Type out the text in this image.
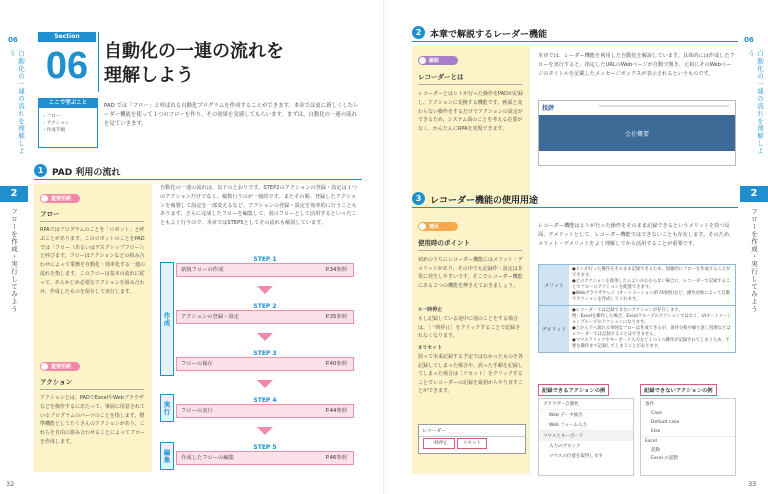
06
自動化の一連の流れを理解しよう
2
フローを作成・実行してみよう
Section
06 自動化の一連の流れを
理解しよう
ここで学ぶこと
・フロー
・アクション
・作成手順
PAD では「フロー」と呼ばれる自動化プログラムを作成することができます。本章では更に新しくしたレーダー機能を使って１つのフローを作り、その効果を実感してもらいます。まずは、自動化の一連の流れを見ていきます。
1 PAD 利用の流れ
重要用語
フロー
RPAではプログラムのことを「ロボット」と呼ぶことがあります。このロボットのことをPADでは「フロー（あるいはデスクトップフロー）」と呼びます。フローはアクションなどの組み合わせによって業務を自動化・効率化する一連の流れを指します。このフローは基本の流れに従って、あらかじめ必要なアクションを組み合わせ、作成したものを保存して実行します。
重要用語
アクション
アクションとは、PADでExcelやWebブラウザなどを操作するにあたって、事前に用意されているプログラムのパーツのことを指します。標準機能としてたくさんのアクションがあり、これらを自由に組み合わせることによってフローを作成します。
自動化の一連の流れは、以下のとおりです。STEP2のアクションの登録・設定は１つのアクションだけでなく、複数行うのが一般的です。またその間、登録したアクションを複製して設定を一部変えるなど、アクションの登録・設定を効率的に行うこともあります。さらに完成したフローを編集して、別のフローとして活用するといったこともよく行うので、本章ではSTEP5としてその流れも解説しています。
作成
実行
編集
STEP 1
新規フローの作成	P.34参照
STEP 2
アクションの登録・設定	P.35参照
STEP 3
フローの保存	P.40参照
STEP 4
フローの実行	P.44参照
STEP 5
作成したフローの編集	P.46参照
32
06
自動化の一連の流れを理解しよう
2
フローを作成・実行してみよう
2 本章で解説するレーダー機能
解説
レコーダーとは
レコーダーとはヒトが行った操作をPADが記録し、アクションに変換する機能です。画面と変わらない操作をするだけでアクションの設定ができるため、システム面のことを考える必要がなく、かんたんにRPAを実現できます。
本章では、レーダー機能を利用した自動化を解説しています。具体的には作成したフローを実行すると、指定したURLのWebページが自動で開き、元祖にそのWebページのタイトルを記載したメッセージボックスが表示されるというものです。
技評
会社概要
3 レコーダー機能の使用用途
補足
使用時のポイント
初めのうちにレコーダー機能にはメリット・デメリットがあり、その中でも記録作・設定は非常に発生しやすいです。そこでレコーダー機能にある２つの機能を押さえておきましょう。
①一時停止
もし記録している途中に別のことをする場合は、［一時停止］をクリックすることで記録されなくなります。
②リセット
誤って本来記録する予定ではなかったものを各記録してしまった場合や、誤った手順を記録してしまった場合は［リセット］をクリックすることでレコーダーの記録を最初からやり直すことができます。
レコーダー
一時停止	リセット
レコーダー機能はヒトが行った操作をそのまま記録できるというメリットを持つ反面、デメリットとして、レコーダー機能ではできないことも存在します。そのため、メリット・デメリットをよく理解してから活用することが重要です。
メリット
●ヒトが行った操作をそのまま記録できるため、煩雑的にフローを作成することができます。
●どのアクションを使用したらよいかわからない場合に、レコーダーで記録することでフローにアクションを配置できます。
●Webブラウザやレイ（オートメーション(P.74参照)など、操作対象によって自動でアクションを作成してくれます。
デメリット
●レコーダーでは記録できないアクションが存在します。
例：Excelを操作した場合、Excelグループのアクションではなく、UIオートメーショングループのアクションになります。
●上から下へ流れる単純なフローは作成できるが、条件分岐や繰り返し処理などはレコーダーでは記録することはできません。
●マウスクリックやキーボード入力など１つ１つ操作が記録されてしまうため、不要な操作まで記録してしまうことがあります。
記録できるアクションの例	記録できないアクションの例
ブラウザー自動化
Web データ抽出
Web フォーム入力
マウスとキーボード
入力のブロック
マウスの位置を取得します
条件
Case
Default case
Else
Excel
起動
Excel の起動
33
